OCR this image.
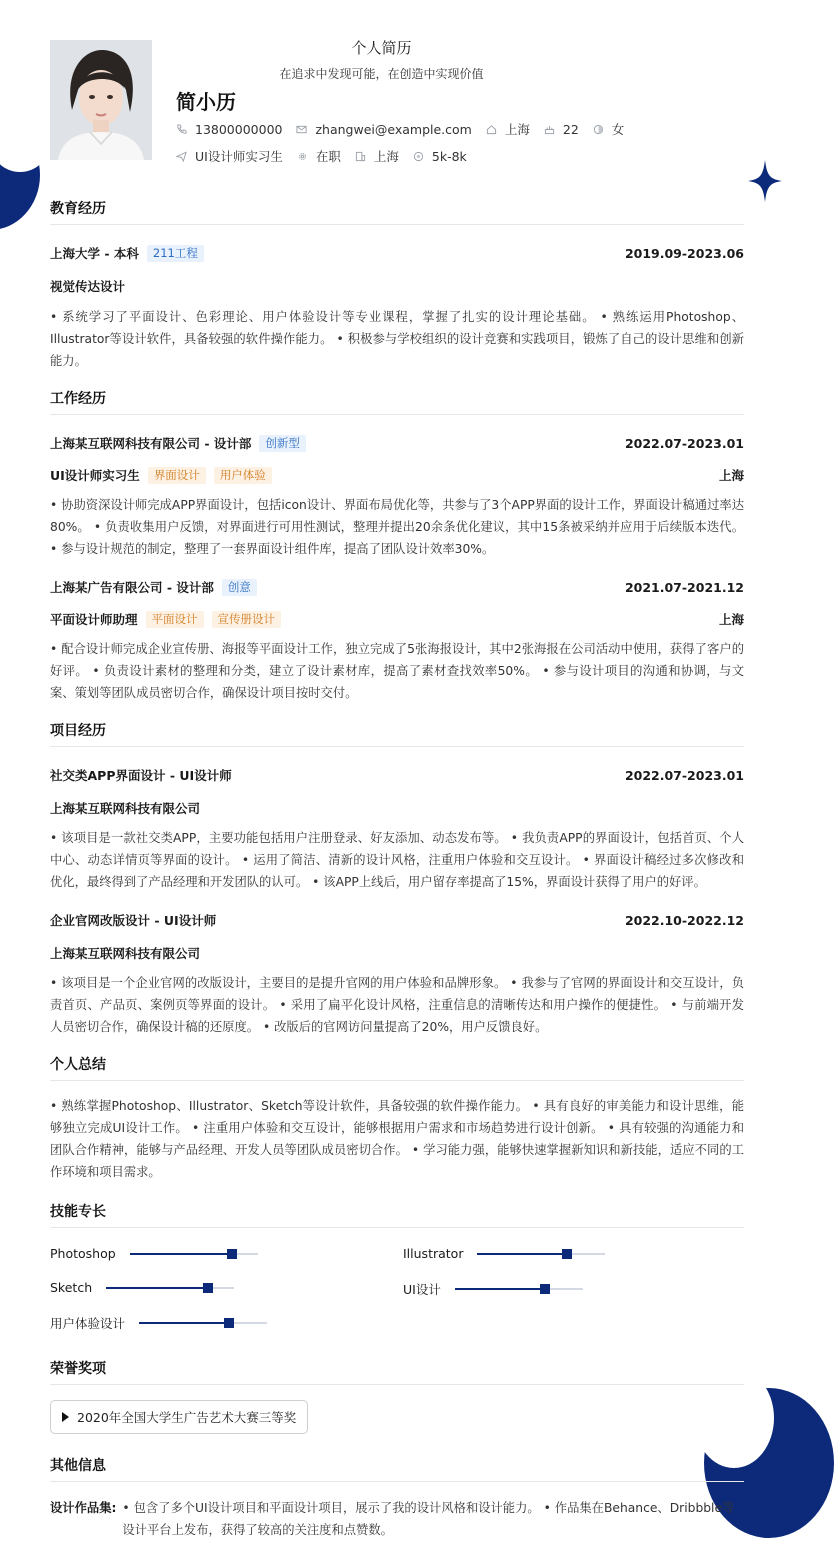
个人简历
在追求中发现可能，在创造中实现价值
简小历
13800000000	zhangwei@example.com	上海	22	女
UI设计师实习生	在职	上海	5k-8k
教育经历
上海大学 - 本科	211工程	2019.09-2023.06
视觉传达设计
• 系统学习了平面设计、色彩理论、用户体验设计等专业课程，掌握了扎实的设计理论基础。 • 熟练运用Photoshop、Illustrator等设计软件，具备较强的软件操作能力。 • 积极参与学校组织的设计竞赛和实践项目，锻炼了自己的设计思维和创新能力。
工作经历
上海某互联网科技有限公司 - 设计部	创新型	2022.07-2023.01
UI设计师实习生	界面设计	用户体验	上海
• 协助资深设计师完成APP界面设计，包括icon设计、界面布局优化等，共参与了3个APP界面的设计工作，界面设计稿通过率达80%。 • 负责收集用户反馈，对界面进行可用性测试，整理并提出20余条优化建议，其中15条被采纳并应用于后续版本迭代。 • 参与设计规范的制定，整理了一套界面设计组件库，提高了团队设计效率30%。
上海某广告有限公司 - 设计部	创意	2021.07-2021.12
平面设计师助理	平面设计	宣传册设计	上海
• 配合设计师完成企业宣传册、海报等平面设计工作，独立完成了5张海报设计，其中2张海报在公司活动中使用，获得了客户的好评。 • 负责设计素材的整理和分类，建立了设计素材库，提高了素材查找效率50%。 • 参与设计项目的沟通和协调，与文案、策划等团队成员密切合作，确保设计项目按时交付。
项目经历
社交类APP界面设计 - UI设计师	2022.07-2023.01
上海某互联网科技有限公司
• 该项目是一款社交类APP，主要功能包括用户注册登录、好友添加、动态发布等。 • 我负责APP的界面设计，包括首页、个人中心、动态详情页等界面的设计。 • 运用了简洁、清新的设计风格，注重用户体验和交互设计。 • 界面设计稿经过多次修改和优化，最终得到了产品经理和开发团队的认可。 • 该APP上线后，用户留存率提高了15%，界面设计获得了用户的好评。
企业官网改版设计 - UI设计师	2022.10-2022.12
上海某互联网科技有限公司
• 该项目是一个企业官网的改版设计，主要目的是提升官网的用户体验和品牌形象。 • 我参与了官网的界面设计和交互设计，负责首页、产品页、案例页等界面的设计。 • 采用了扁平化设计风格，注重信息的清晰传达和用户操作的便捷性。 • 与前端开发人员密切合作，确保设计稿的还原度。 • 改版后的官网访问量提高了20%，用户反馈良好。
个人总结
• 熟练掌握Photoshop、Illustrator、Sketch等设计软件，具备较强的软件操作能力。 • 具有良好的审美能力和设计思维，能够独立完成UI设计工作。 • 注重用户体验和交互设计，能够根据用户需求和市场趋势进行设计创新。 • 具有较强的沟通能力和团队合作精神，能够与产品经理、开发人员等团队成员密切合作。 • 学习能力强，能够快速掌握新知识和新技能，适应不同的工作环境和项目需求。
技能专长
Photoshop	Illustrator
Sketch	UI设计
用户体验设计
荣誉奖项
2020年全国大学生广告艺术大赛三等奖
其他信息
设计作品集: • 包含了多个UI设计项目和平面设计项目，展示了我的设计风格和设计能力。 • 作品集在Behance、Dribbble等设计平台上发布，获得了较高的关注度和点赞数。
